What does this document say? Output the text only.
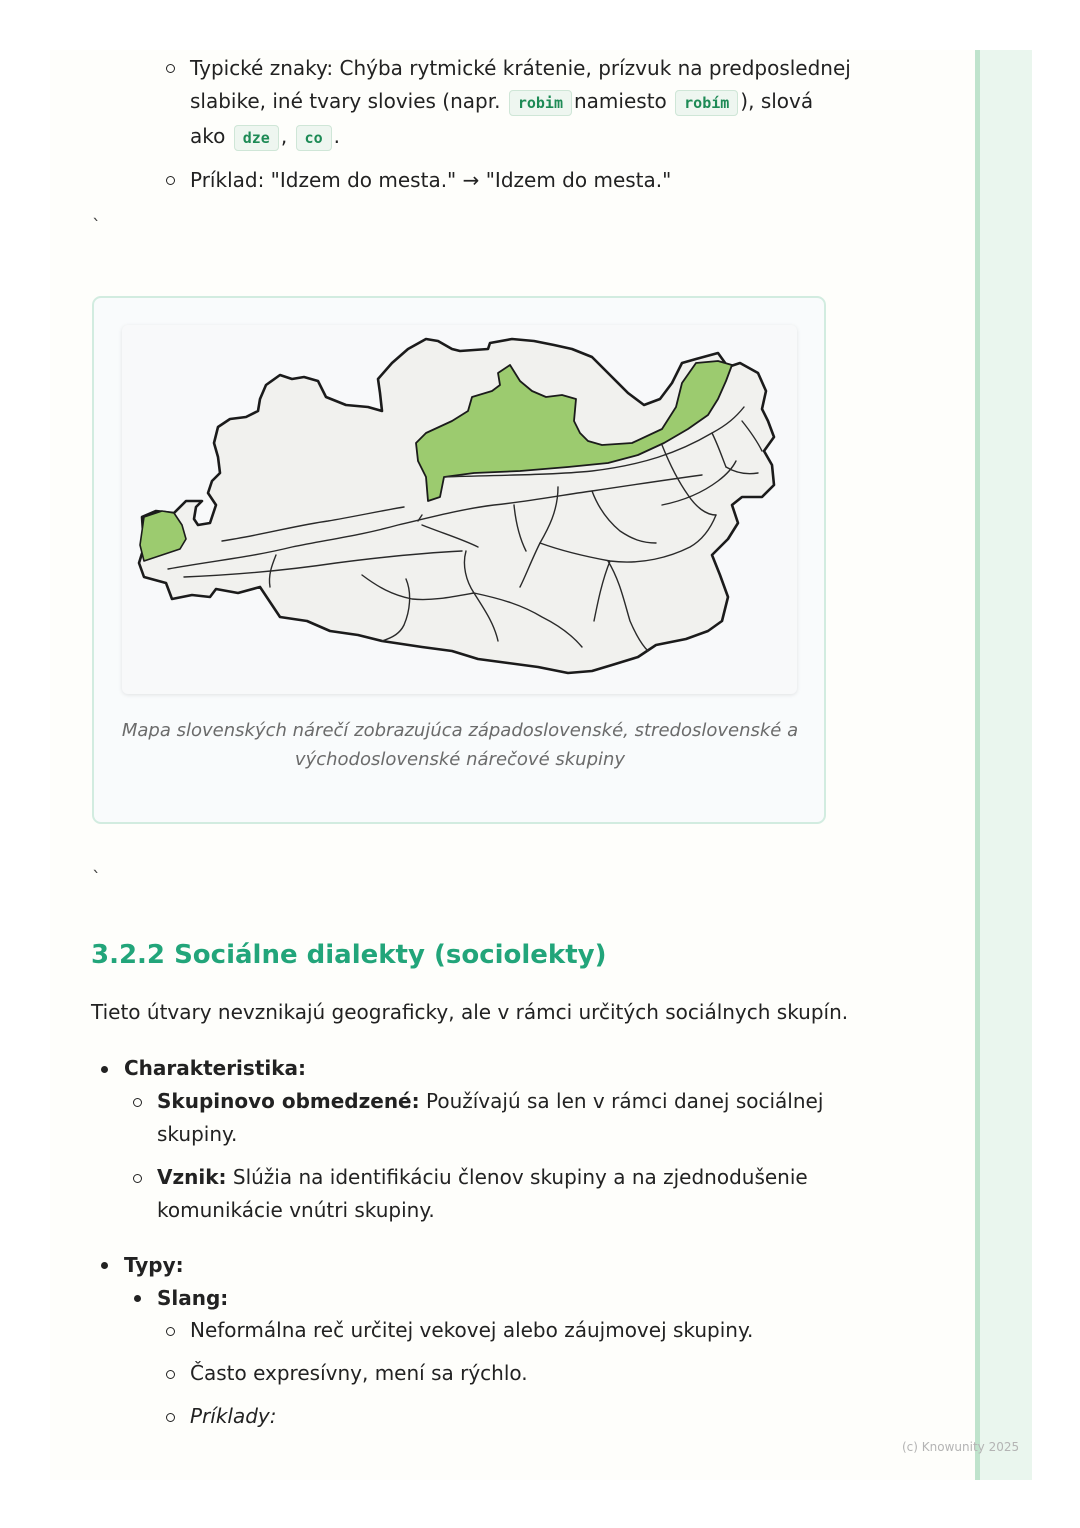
Typické znaky: Chýba rytmické krátenie, prízvuk na predposlednej
slabike, iné tvary slovies (napr. robim namiesto robím ), slová
ako dze , co .
Príklad: "Idzem do mesta." → "Idzem do mesta."
`
Mapa slovenských nárečí zobrazujúca západoslovenské, stredoslovenské a
východoslovenské nárečové skupiny
`
3.2.2 Sociálne dialekty (sociolekty)
Tieto útvary nevznikajú geograficky, ale v rámci určitých sociálnych skupín.
Charakteristika:
Skupinovo obmedzené: Používajú sa len v rámci danej sociálnej
skupiny.
Vznik: Slúžia na identifikáciu členov skupiny a na zjednodušenie
komunikácie vnútri skupiny.
Typy:
Slang:
Neformálna reč určitej vekovej alebo záujmovej skupiny.
Často expresívny, mení sa rýchlo.
Príklady:
(c) Knowunity 2025
